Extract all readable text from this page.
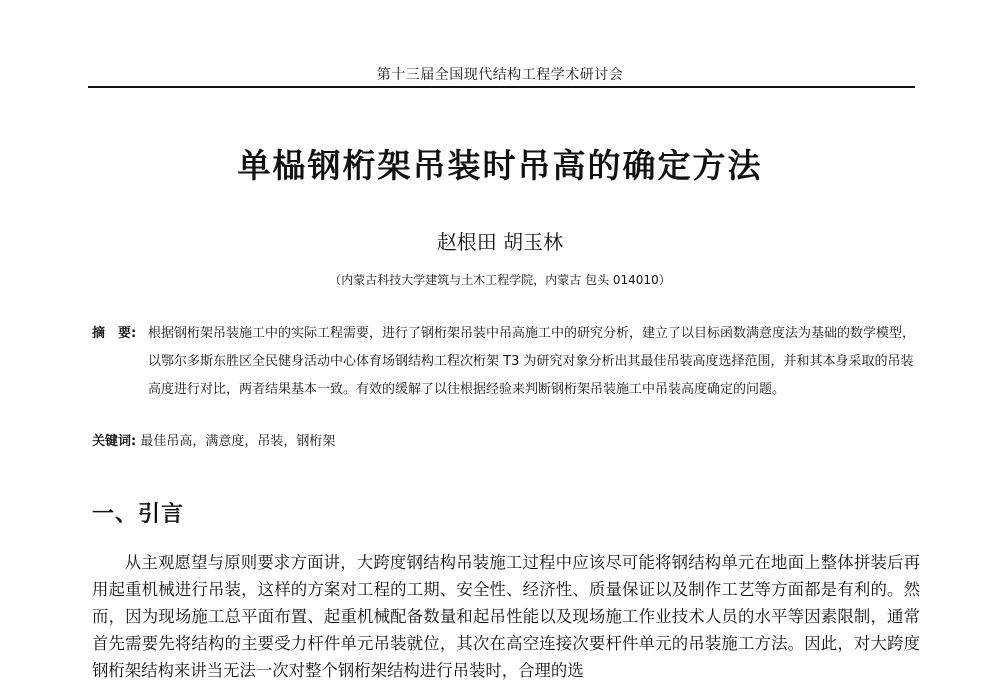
第十三届全国现代结构工程学术研讨会
单榀钢桁架吊装时吊高的确定方法
赵根田 胡玉林
（内蒙古科技大学建筑与土木工程学院，内蒙古 包头 014010）
摘　要: 根据钢桁架吊装施工中的实际工程需要，进行了钢桁架吊装中吊高施工中的研究分析，建立了以目标函数满意度法为基础的数学模型，以鄂尔多斯东胜区全民健身活动中心体育场钢结构工程次桁架 T3 为研究对象分析出其最佳吊装高度选择范围，并和其本身采取的吊装高度进行对比，两者结果基本一致。有效的缓解了以往根据经验来判断钢桁架吊装施工中吊装高度确定的问题。
关键词: 最佳吊高，满意度，吊装，钢桁架
一、引言

从主观愿望与原则要求方面讲，大跨度钢结构吊装施工过程中应该尽可能将钢结构单元在地面上整体拼装后再用起重机械进行吊装，这样的方案对工程的工期、安全性、经济性、质量保证以及制作工艺等方面都是有利的。然而，因为现场施工总平面布置、起重机械配备数量和起吊性能以及现场施工作业技术人员的水平等因素限制，通常首先需要先将结构的主要受力杆件单元吊装就位，其次在高空连接次要杆件单元的吊装施工方法。因此，对大跨度钢桁架结构来讲当无法一次对整个钢桁架结构进行吊装时，合理的选
